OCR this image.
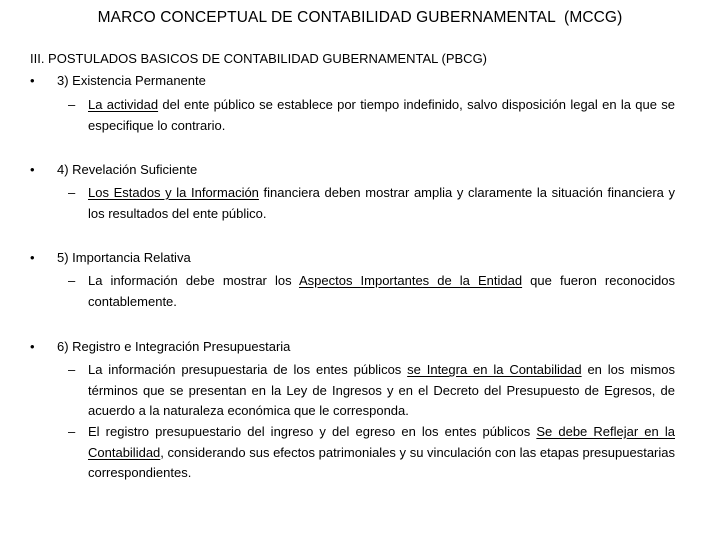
MARCO CONCEPTUAL DE CONTABILIDAD GUBERNAMENTAL  (MCCG)
III. POSTULADOS BASICOS DE CONTABILIDAD GUBERNAMENTAL (PBCG)
• 3) Existencia Permanente
– La actividad del ente público se establece por tiempo indefinido, salvo disposición legal en la que se especifique lo contrario.
• 4) Revelación Suficiente
– Los Estados y la Información financiera deben mostrar amplia y claramente la situación financiera y los resultados del ente público.
• 5) Importancia Relativa
– La información debe mostrar los Aspectos Importantes de la Entidad que fueron reconocidos contablemente.
• 6) Registro e Integración Presupuestaria
– La información presupuestaria de los entes públicos se Integra en la Contabilidad en los mismos términos que se presentan en la Ley de Ingresos y en el Decreto del Presupuesto de Egresos, de acuerdo a la naturaleza económica que le corresponda.
– El registro presupuestario del ingreso y del egreso en los entes públicos Se debe Reflejar en la Contabilidad, considerando sus efectos patrimoniales y su vinculación con las etapas presupuestarias correspondientes.
